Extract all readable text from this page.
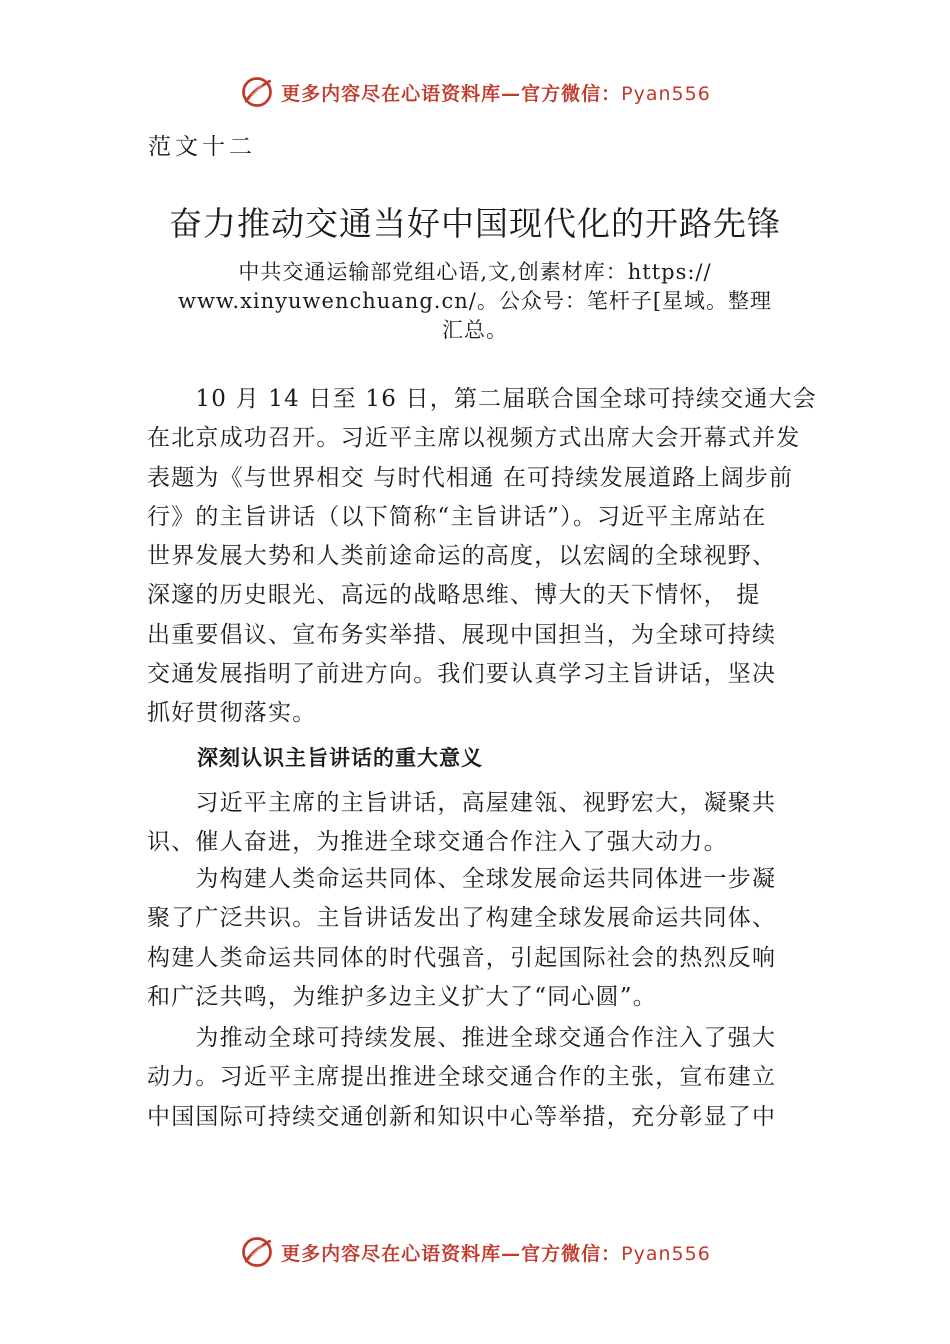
更多内容尽在心语资料库—官方微信：Pyan556
范文十二
奋力推动交通当好中国现代化的开路先锋
中共交通运输部党组心语,文,创素材库：https://
www.xinyuwenchuang.cn/。公众号：笔杆子[星域。整理
汇总。
　　10 月 14 日至 16 日，第二届联合国全球可持续交通大会
在北京成功召开。习近平主席以视频方式出席大会开幕式并发
表题为《与世界相交 与时代相通 在可持续发展道路上阔步前
行》的主旨讲话（以下简称“主旨讲话”）。习近平主席站在
世界发展大势和人类前途命运的高度，以宏阔的全球视野、
深邃的历史眼光、高远的战略思维、博大的天下情怀， 提
出重要倡议、宣布务实举措、展现中国担当，为全球可持续
交通发展指明了前进方向。我们要认真学习主旨讲话，坚决
抓好贯彻落实。
深刻认识主旨讲话的重大意义
　　习近平主席的主旨讲话，高屋建瓴、视野宏大，凝聚共
识、催人奋进，为推进全球交通合作注入了强大动力。
　　为构建人类命运共同体、全球发展命运共同体进一步凝
聚了广泛共识。主旨讲话发出了构建全球发展命运共同体、
构建人类命运共同体的时代强音，引起国际社会的热烈反响
和广泛共鸣，为维护多边主义扩大了“同心圆”。
　　为推动全球可持续发展、推进全球交通合作注入了强大
动力。习近平主席提出推进全球交通合作的主张，宣布建立
中国国际可持续交通创新和知识中心等举措，充分彰显了中
更多内容尽在心语资料库—官方微信：Pyan556
